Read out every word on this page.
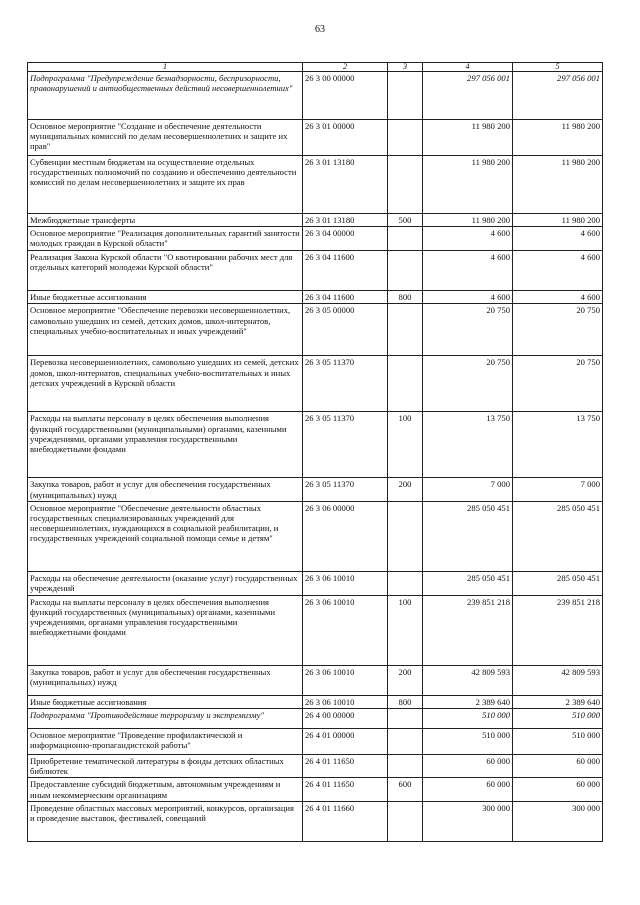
63
1	2	3	4	5
Подпрограмма "Предупреждение безнадзорности, беспризорности, правонарушений и антиобщественных действий несовершеннолетних"	26 3 00 00000		297 056 001	297 056 001
Основное мероприятие "Создание и обеспечение деятельности муниципальных комиссий по делам несовершеннолетних и защите их прав"	26 3 01 00000		11 980 200	11 980 200
Субвенции местным бюджетам на осуществление отдельных государственных полномочий по созданию и обеспечению деятельности комиссий по делам несовершеннолетних и защите их прав	26 3 01 13180		11 980 200	11 980 200
Межбюджетные трансферты	26 3 01 13180	500	11 980 200	11 980 200
Основное мероприятие "Реализация дополнительных гарантий занятости молодых граждан в Курской области"	26 3 04 00000		4 600	4 600
Реализация Закона Курской области "О квотировании рабочих мест для отдельных категорий молодежи Курской области"	26 3 04 11600		4 600	4 600
Иные бюджетные ассигнования	26 3 04 11600	800	4 600	4 600
Основное мероприятие "Обеспечение перевозки несовершеннолетних, самовольно ушедших из семей, детских домов, школ-интернатов, специальных учебно-воспитательных и иных учреждений"	26 3 05 00000		20 750	20 750
Перевозка несовершеннолетних, самовольно ушедших из семей, детских домов, школ-интернатов, специальных учебно-воспитательных и иных детских учреждений в Курской области	26 3 05 11370		20 750	20 750
Расходы на выплаты персоналу в целях обеспечения выполнения функций государственными (муниципальными) органами, казенными учреждениями, органами управления государственными внебюджетными фондами	26 3 05 11370	100	13 750	13 750
Закупка товаров, работ и услуг для обеспечения государственных (муниципальных) нужд	26 3 05 11370	200	7 000	7 000
Основное мероприятие "Обеспечение деятельности областных государственных специализированных учреждений для несовершеннолетних, нуждающихся в социальной реабилитации, и государственных учреждений социальной помощи семье и детям"	26 3 06 00000		285 050 451	285 050 451
Расходы на обеспечение деятельности (оказание услуг) государственных учреждений	26 3 06 10010		285 050 451	285 050 451
Расходы на выплаты персоналу в целях обеспечения выполнения функций государственных (муниципальных) органами, казенными учреждениями, органами управления государственными внебюджетными фондами	26 3 06 10010	100	239 851 218	239 851 218
Закупка товаров, работ и услуг для обеспечения государственных (муниципальных) нужд	26 3 06 10010	200	42 809 593	42 809 593
Иные бюджетные ассигнования	26 3 06 10010	800	2 389 640	2 389 640
Подпрограмма "Противодействие терроризму и экстремизму"	26 4 00 00000		510 000	510 000
Основное мероприятие "Проведение профилактической и информационно-пропагандистской работы"	26 4 01 00000		510 000	510 000
Приобретение тематической литературы в фонды детских областных библиотек	26 4 01 11650		60 000	60 000
Предоставление субсидий бюджетным, автономным учреждениям и иным некоммерческим организациям	26 4 01 11650	600	60 000	60 000
Проведение областных массовых мероприятий, конкурсов, организация и проведение выставок, фестивалей, совещаний	26 4 01 11660		300 000	300 000
